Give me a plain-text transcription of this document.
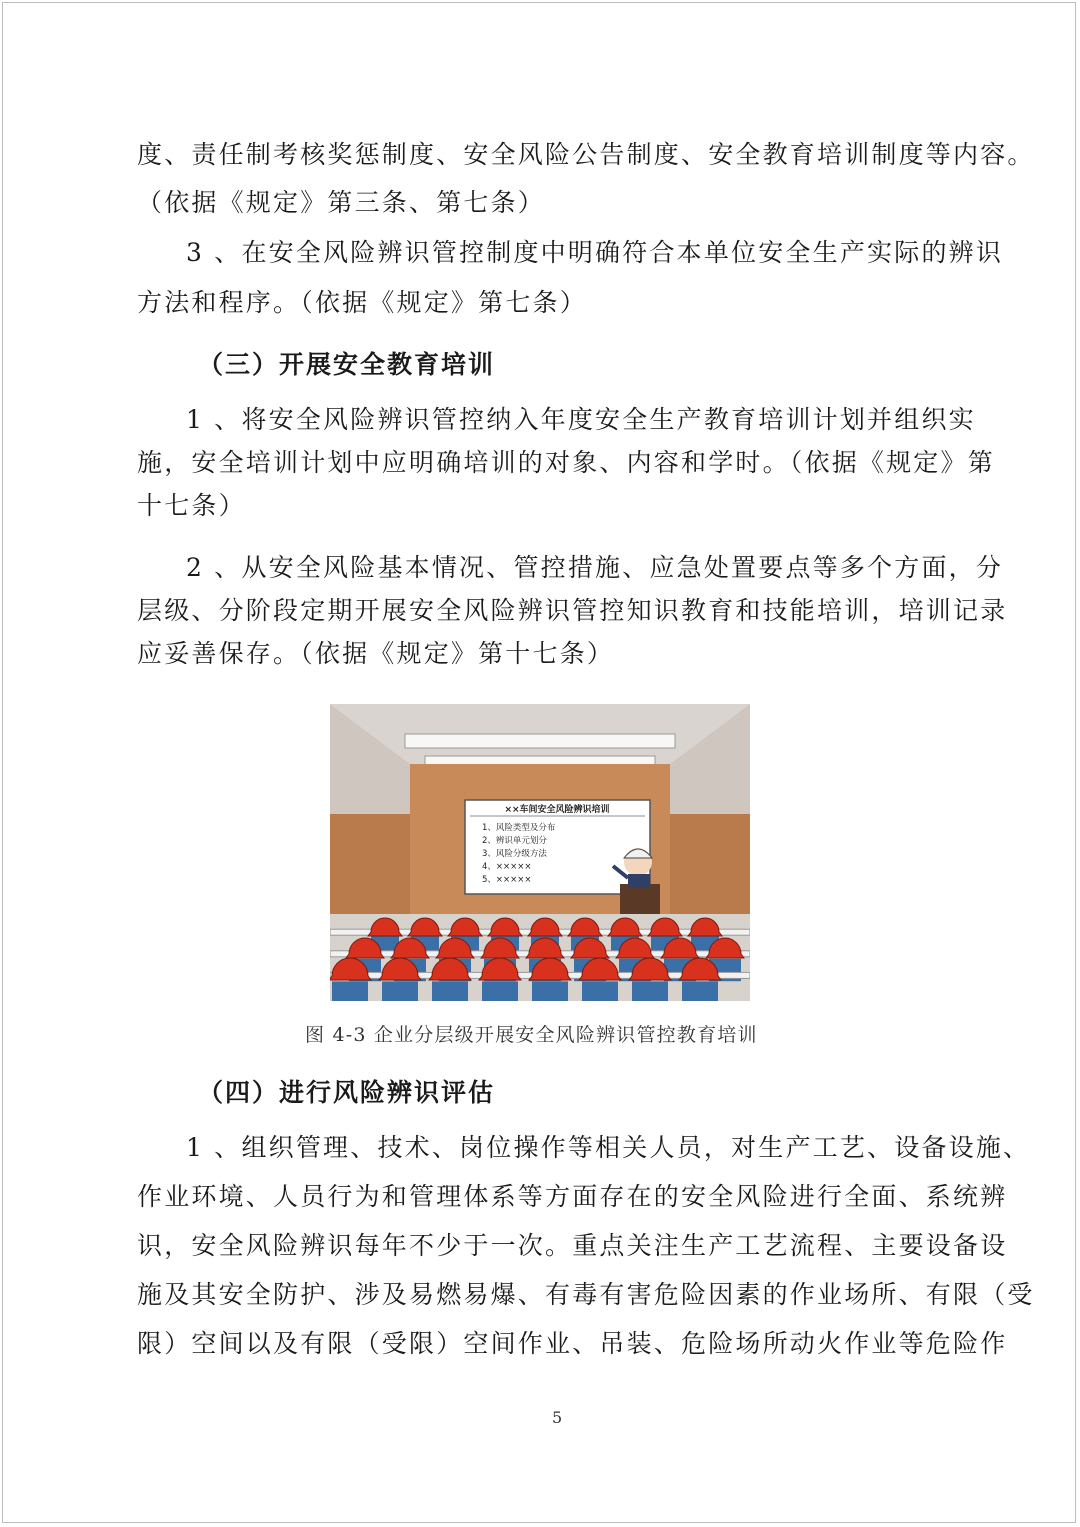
度、责任制考核奖惩制度、安全风险公告制度、安全教育培训制度等内容。
（依据《规定》第三条、第七条）
3 、在安全风险辨识管控制度中明确符合本单位安全生产实际的辨识
方法和程序。（依据《规定》第七条）
（三）开展安全教育培训
1 、将安全风险辨识管控纳入年度安全生产教育培训计划并组织实
施，安全培训计划中应明确培训的对象、内容和学时。（依据《规定》第
十七条）
2 、从安全风险基本情况、管控措施、应急处置要点等多个方面，分
层级、分阶段定期开展安全风险辨识管控知识教育和技能培训，培训记录
应妥善保存。（依据《规定》第十七条）
××车间安全风险辨识培训
1、风险类型及分布
2、辨识单元划分
3、风险分级方法
4、×××××
5、×××××
图 4-3 企业分层级开展安全风险辨识管控教育培训
（四）进行风险辨识评估
1 、组织管理、技术、岗位操作等相关人员，对生产工艺、设备设施、
作业环境、人员行为和管理体系等方面存在的安全风险进行全面、系统辨
识，安全风险辨识每年不少于一次。重点关注生产工艺流程、主要设备设
施及其安全防护、涉及易燃易爆、有毒有害危险因素的作业场所、有限（受
限）空间以及有限（受限）空间作业、吊装、危险场所动火作业等危险作
5
